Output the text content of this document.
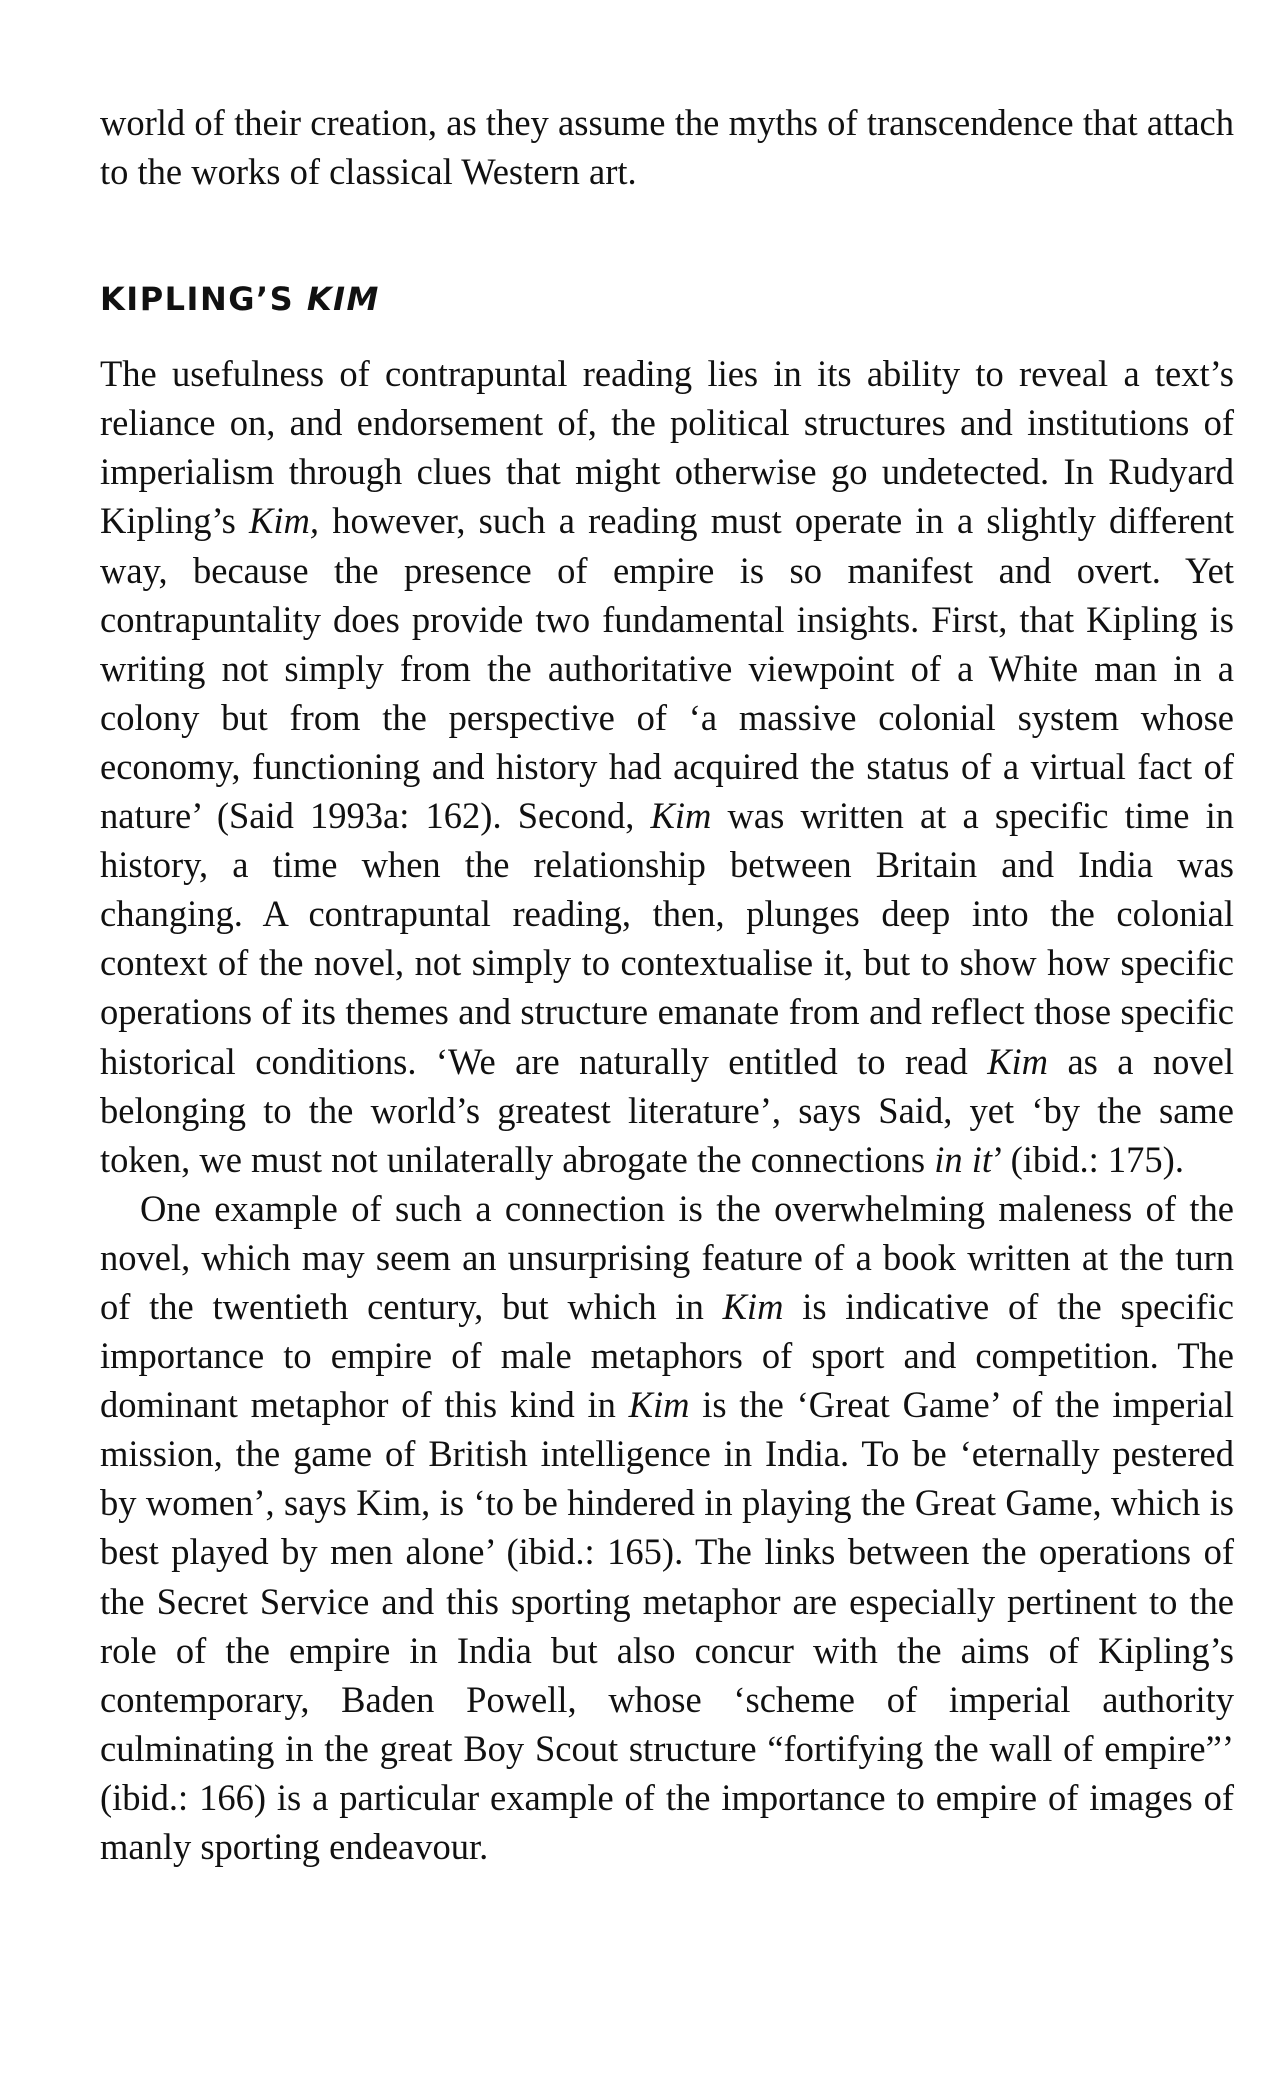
world of their creation, as they assume the myths of transcendence that attach to the works of classical Western art.

KIPLING’S KIM

The usefulness of contrapuntal reading lies in its ability to reveal a text’s reliance on, and endorsement of, the political structures and institutions of imperialism through clues that might otherwise go undetected. In Rudyard Kipling’s Kim, however, such a reading must operate in a slightly different way, because the presence of empire is so manifest and overt. Yet contrapuntality does provide two fundamental insights. First, that Kipling is writing not simply from the authoritative viewpoint of a White man in a colony but from the perspective of ‘a massive colonial system whose economy, functioning and history had acquired the status of a virtual fact of nature’ (Said 1993a: 162). Second, Kim was written at a specific time in history, a time when the relationship between Britain and India was changing. A contrapuntal reading, then, plunges deep into the colonial context of the novel, not simply to contextualise it, but to show how specific operations of its themes and structure emanate from and reflect those specific historical conditions. ‘We are naturally entitled to read Kim as a novel belonging to the world’s greatest literature’, says Said, yet ‘by the same token, we must not unilaterally abrogate the connections in it’ (ibid.: 175).

One example of such a connection is the overwhelming maleness of the novel, which may seem an unsurprising feature of a book written at the turn of the twentieth century, but which in Kim is indicative of the specific importance to empire of male metaphors of sport and competition. The dominant metaphor of this kind in Kim is the ‘Great Game’ of the imperial mission, the game of British intelligence in India. To be ‘eternally pestered by women’, says Kim, is ‘to be hindered in playing the Great Game, which is best played by men alone’ (ibid.: 165). The links between the operations of the Secret Service and this sporting metaphor are especially pertinent to the role of the empire in India but also concur with the aims of Kipling’s contemporary, Baden Powell, whose ‘scheme of imperial authority culminating in the great Boy Scout structure “fortifying the wall of empire”’ (ibid.: 166) is a particular example of the importance to empire of images of manly sporting endeavour.
